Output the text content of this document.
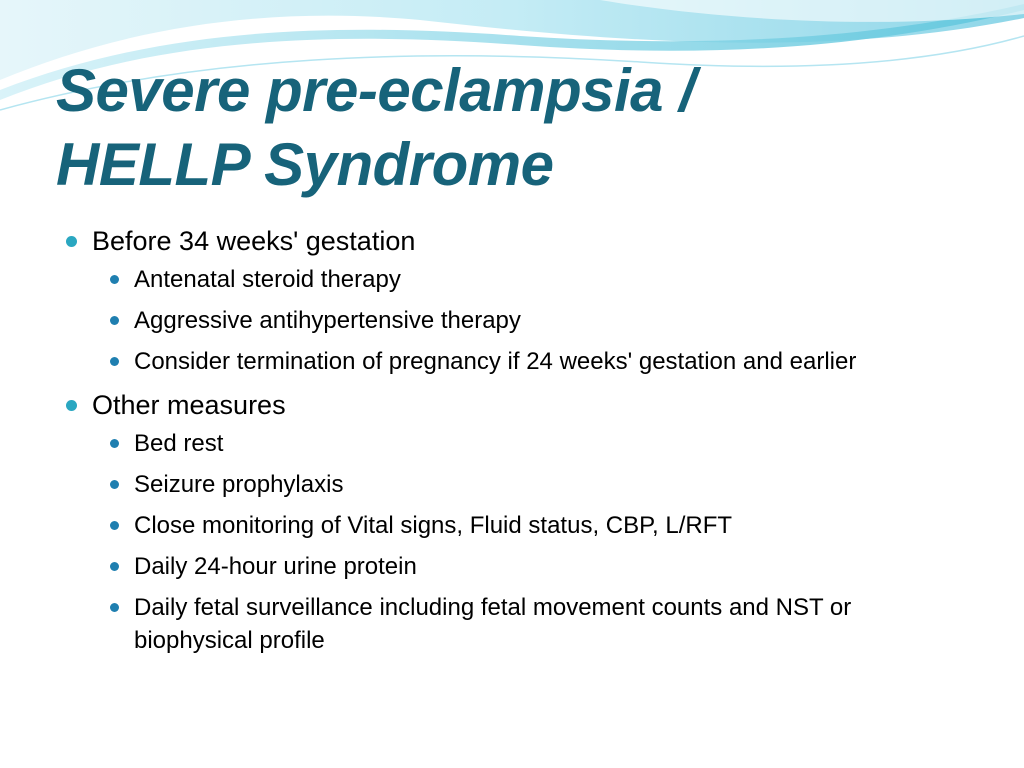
Severe pre-eclampsia /
HELLP Syndrome
Before 34 weeks' gestation
Antenatal steroid therapy
Aggressive antihypertensive therapy
Consider termination of pregnancy if 24 weeks' gestation and earlier
Other measures
Bed rest
Seizure prophylaxis
Close monitoring of Vital signs, Fluid status, CBP, L/RFT
Daily 24-hour urine protein
Daily fetal surveillance including fetal movement counts and NST or biophysical profile
